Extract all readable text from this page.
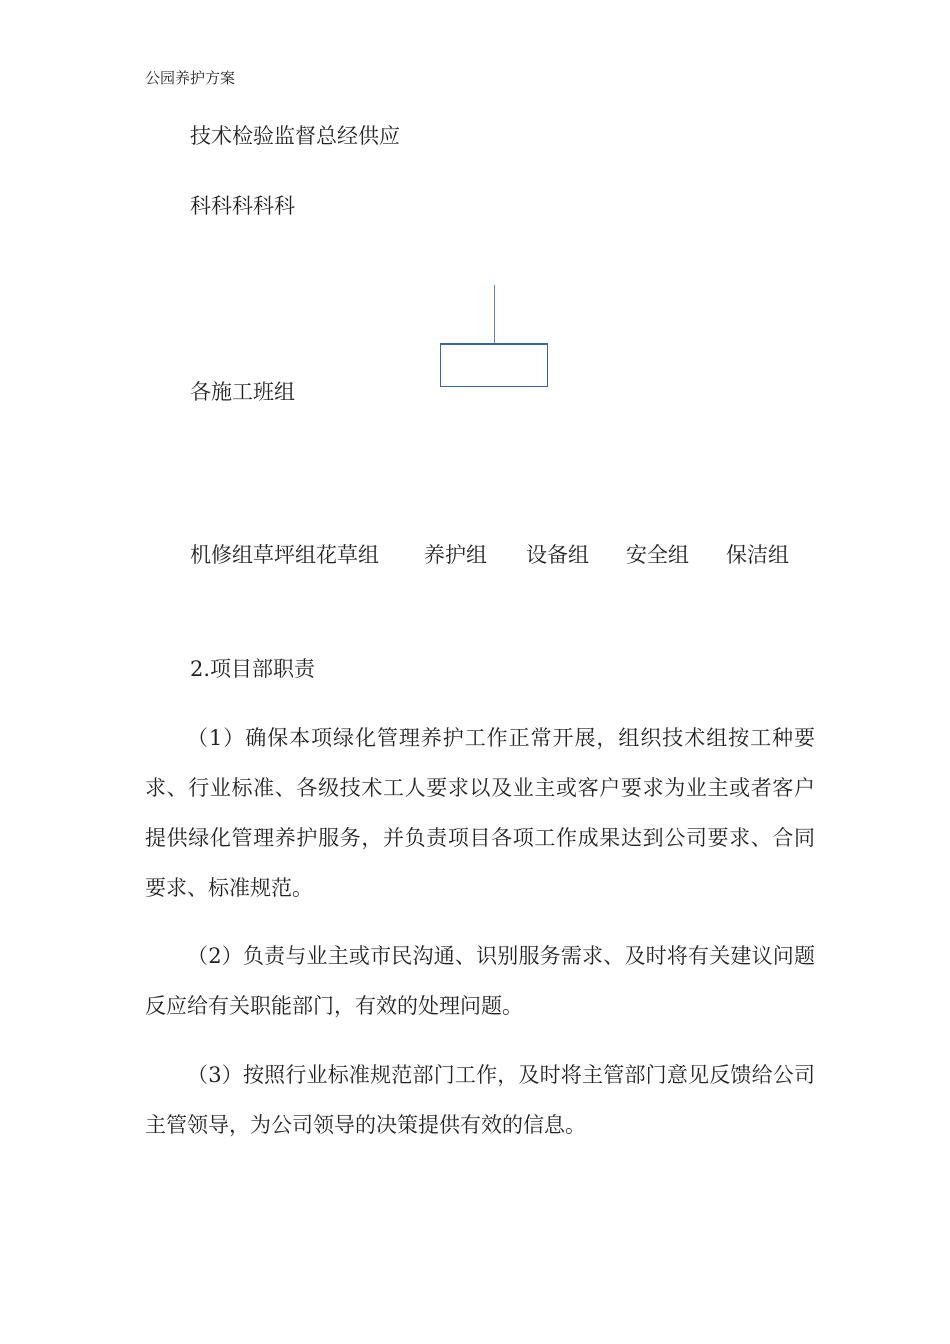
公园养护方案
技术检验监督总经供应
科科科科科
各施工班组
机修组草坪组花草组 养护组 设备组 安全组 保洁组
2.项目部职责
（1）确保本项绿化管理养护工作正常开展，组织技术组按工种要求、行业标准、各级技术工人要求以及业主或客户要求为业主或者客户提供绿化管理养护服务，并负责项目各项工作成果达到公司要求、合同要求、标准规范。
（2）负责与业主或市民沟通、识别服务需求、及时将有关建议问题反应给有关职能部门，有效的处理问题。
（3）按照行业标准规范部门工作，及时将主管部门意见反馈给公司主管领导，为公司领导的决策提供有效的信息。
